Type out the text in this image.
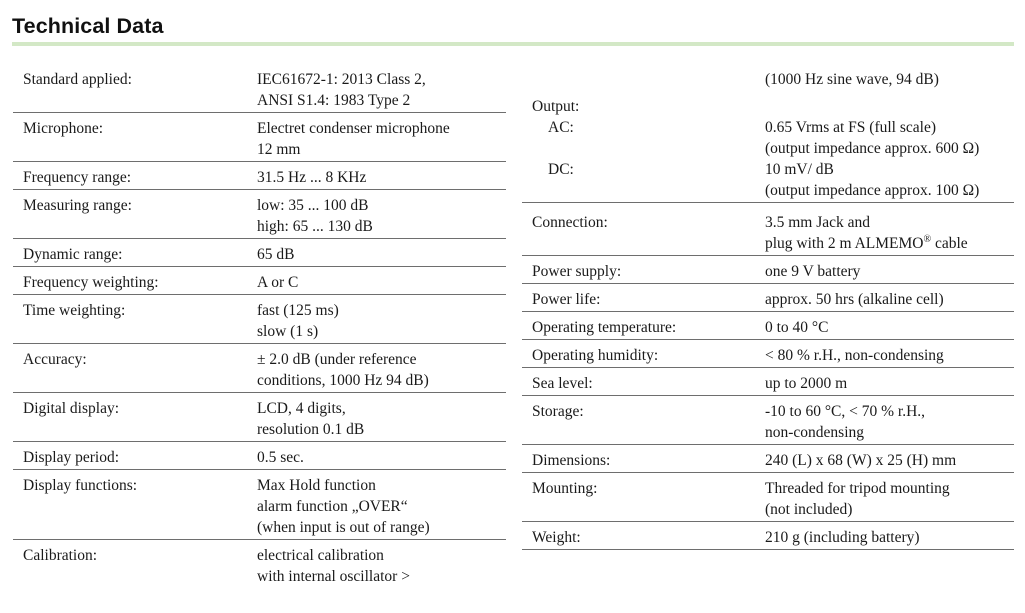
Technical Data
Standard applied:	IEC61672-1: 2013 Class 2,
ANSI S1.4: 1983 Type 2
Microphone:	Electret condenser microphone
12 mm
Frequency range:	31.5 Hz ... 8 KHz
Measuring range:	low: 35 ... 100 dB
high: 65 ... 130 dB
Dynamic range:	65 dB
Frequency weighting:	A or C
Time weighting:	fast (125 ms)
slow (1 s)
Accuracy:	± 2.0 dB (under reference
conditions, 1000 Hz 94 dB)
Digital display:	LCD, 4 digits,
resolution 0.1 dB
Display period:	0.5 sec.
Display functions:	Max Hold function
alarm function „OVER“
(when input is out of range)
Calibration:	electrical calibration
with internal oscillator >
(1000 Hz sine wave, 94 dB)
Output:
AC:	0.65 Vrms at FS (full scale)
(output impedance approx. 600 Ω)
DC:	10 mV/ dB
(output impedance approx. 100 Ω)
Connection:	3.5 mm Jack and
plug with 2 m ALMEMO® cable
Power supply:	one 9 V battery
Power life:	approx. 50 hrs (alkaline cell)
Operating temperature:	0 to 40 °C
Operating humidity:	< 80 % r.H., non-condensing
Sea level:	up to 2000 m
Storage:	-10 to 60 °C, < 70 % r.H.,
non-condensing
Dimensions:	240 (L) x 68 (W) x 25 (H) mm
Mounting:	Threaded for tripod mounting
(not included)
Weight:	210 g (including battery)
